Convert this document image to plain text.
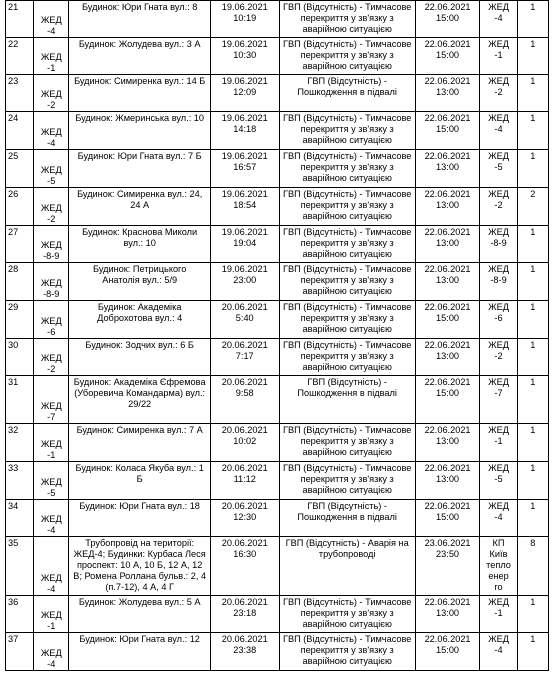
21	ЖЕД
-4	Будинок: Юри Гната вул.: 8	19.06.2021
10:19	ГВП (Відсутність) - Тимчасове
перекриття у зв'язку з
аварійною ситуацією	22.06.2021
15:00	ЖЕД
-4	1

22	ЖЕД
-1	Будинок: Жолудева вул.: 3 А	19.06.2021
10:30	ГВП (Відсутність) - Тимчасове
перекриття у зв'язку з
аварійною ситуацією	22.06.2021
15:00	ЖЕД
-1	1

23	ЖЕД
-2	Будинок: Симиренка вул.: 14 Б	19.06.2021
12:09	ГВП (Відсутність) -
Пошкодження в підвалі	22.06.2021
13:00	ЖЕД
-2	1

24	ЖЕД
-4	Будинок: Жмеринська вул.: 10	19.06.2021
14:18	ГВП (Відсутність) - Тимчасове
перекриття у зв'язку з
аварійною ситуацією	22.06.2021
15:00	ЖЕД
-4	1

25	ЖЕД
-5	Будинок: Юри Гната вул.: 7 Б	19.06.2021
16:57	ГВП (Відсутність) - Тимчасове
перекриття у зв'язку з
аварійною ситуацією	22.06.2021
13:00	ЖЕД
-5	1

26	ЖЕД
-2	Будинок: Симиренка вул.: 24,
24 А	19.06.2021
18:54	ГВП (Відсутність) - Тимчасове
перекриття у зв'язку з
аварійною ситуацією	22.06.2021
13:00	ЖЕД
-2	2

27	ЖЕД
-8-9	Будинок: Краснова Миколи
вул.: 10	19.06.2021
19:04	ГВП (Відсутність) - Тимчасове
перекриття у зв'язку з
аварійною ситуацією	22.06.2021
13:00	ЖЕД
-8-9	1

28	ЖЕД
-8-9	Будинок: Петрицького
Анатолія вул.: 5/9	19.06.2021
23:00	ГВП (Відсутність) - Тимчасове
перекриття у зв'язку з
аварійною ситуацією	22.06.2021
13:00	ЖЕД
-8-9	1

29	ЖЕД
-6	Будинок: Академіка
Доброхотова вул.: 4	20.06.2021
5:40	ГВП (Відсутність) - Тимчасове
перекриття у зв'язку з
аварійною ситуацією	22.06.2021
15:00	ЖЕД
-6	1

30	ЖЕД
-2	Будинок: Зодчих вул.: 6 Б	20.06.2021
7:17	ГВП (Відсутність) - Тимчасове
перекриття у зв'язку з
аварійною ситуацією	22.06.2021
13:00	ЖЕД
-2	1

31	ЖЕД
-7	Будинок: Академіка Єфремова
(Уборевича Командарма) вул.:
29/22	20.06.2021
9:58	ГВП (Відсутність) -
Пошкодження в підвалі	22.06.2021
15:00	ЖЕД
-7	1

32	ЖЕД
-1	Будинок: Симиренка вул.: 7 А	20.06.2021
10:02	ГВП (Відсутність) - Тимчасове
перекриття у зв'язку з
аварійною ситуацією	22.06.2021
13:00	ЖЕД
-1	1

33	ЖЕД
-5	Будинок: Коласа Якуба вул.: 1
Б	20.06.2021
11:12	ГВП (Відсутність) - Тимчасове
перекриття у зв'язку з
аварійною ситуацією	22.06.2021
13:00	ЖЕД
-5	1

34	ЖЕД
-4	Будинок: Юри Гната вул.: 18	20.06.2021
12:30	ГВП (Відсутність) -
Пошкодження в підвалі	22.06.2021
15:00	ЖЕД
-4	1

35	ЖЕД
-4	Трубопровід на території:
ЖЕД-4; Будинки: Курбаса Леся
проспект: 10 А, 10 Б, 12 А, 12
В; Ромена Роллана бульв.: 2, 4
(п.7-12), 4 А, 4 Г	20.06.2021
16:30	ГВП (Відсутність) - Аварія на
трубопроводі	23.06.2021
23:50	КП
Київ
тепло
енер
го	8

36	ЖЕД
-1	Будинок: Жолудева вул.: 5 А	20.06.2021
23:18	ГВП (Відсутність) - Тимчасове
перекриття у зв'язку з
аварійною ситуацією	22.06.2021
13:00	ЖЕД
-1	1

37	ЖЕД
-4	Будинок: Юри Гната вул.: 12	20.06.2021
23:38	ГВП (Відсутність) - Тимчасове
перекриття у зв'язку з
аварійною ситуацією	22.06.2021
15:00	ЖЕД
-4	1
